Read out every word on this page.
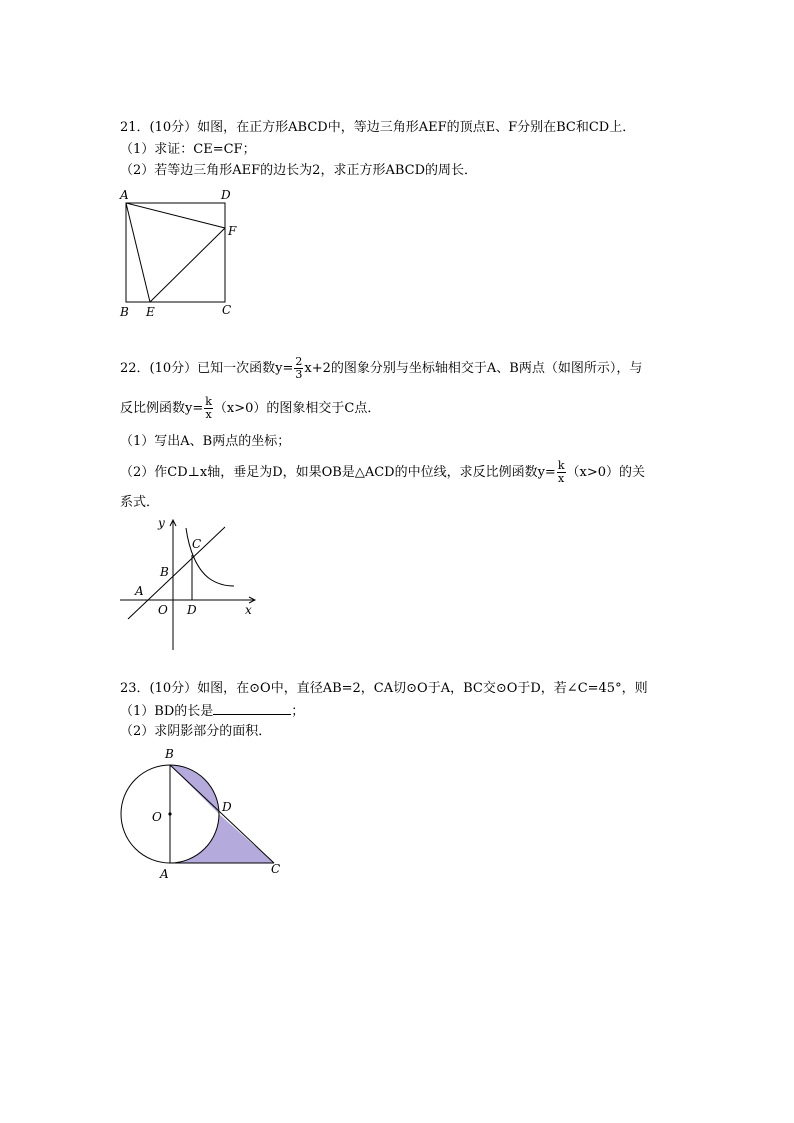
21．(10分）如图，在正方形ABCD中，等边三角形AEF的顶点E、F分别在BC和CD上．
（1）求证：CE=CF；
（2）若等边三角形AEF的边长为2，求正方形ABCD的周长．
A	D
F
B E	C
22．(10分）已知一次函数$y= \frac{2}{3} x+2$的图象分别与坐标轴相交于A、B两点（如图所示），与
反比例函数$y= \frac{k}{x} (x>0)$的图象相交于C点．
（1）写出A、B两点的坐标；
（2）作CD⊥x轴，垂足为D，如果OB是△ACD的中位线，求反比例函数$y= \frac{k}{x} (x>0)$的关
系式．
y
C
B
A
O D	x
23．(10分）如图，在⊙O中，直径AB=2，CA切⊙O于A，BC交⊙O于D，若∠C=45°，则
（1）BD的长是	；
（2）求阴影部分的面积．
B
O
D
A	C
